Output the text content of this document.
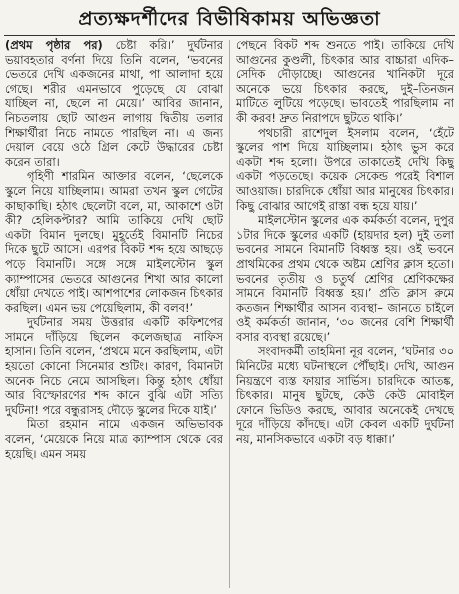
প্রত্যক্ষদর্শীদের বিভীষিকাময় অভিজ্ঞতা

(প্রথম পৃষ্ঠার পর) চেষ্টা করি।’ দুর্ঘটনার ভয়াবহতার বর্ণনা দিয়ে তিনি বলেন, ‘ভবনের ভেতরে দেখি একজনের মাথা, পা আলাদা হয়ে গেছে। শরীর এমনভাবে পুড়েছে যে বোঝা যাচ্ছিল না, ছেলে না মেয়ে।’ আবির জানান, নিচতলায় ছোট আগুন লাগায় দ্বিতীয় তলার শিক্ষার্থীরা নিচে নামতে পারছিল না। এ জন্য দেয়াল বেয়ে ওঠে গ্রিল কেটে উদ্ধারের চেষ্টা করেন তারা।

গৃহিণী শারমিন আক্তার বলেন, ‘ছেলেকে স্কুলে নিয়ে যাচ্ছিলাম। আমরা তখন স্কুল গেটের কাছাকাছি। হঠাৎ ছেলেটা বলে, মা, আকাশে ওটা কী? হেলিকপ্টার? আমি তাকিয়ে দেখি ছোট একটা বিমান দুলছে। মুহূর্তেই বিমানটি নিচের দিকে ছুটে আসে। এরপর বিকট শব্দ হয়ে আছড়ে পড়ে বিমানটি। সঙ্গে সঙ্গে মাইলস্টোন স্কুল ক্যাম্পাসের ভেতরে আগুনের শিখা আর কালো ধোঁয়া দেখতে পাই। আশপাশের লোকজন চিৎকার করছিল। এমন ভয় পেয়েছিলাম, কী বলব!’

দুর্ঘটনার সময় উত্তরার একটি কফিশপের সামনে দাঁড়িয়ে ছিলেন কলেজছাত্র নাফিস হাসান। তিনি বলেন, ‘প্রথমে মনে করছিলাম, এটা হয়তো কোনো সিনেমার শুটিং। কারণ, বিমানটা অনেক নিচে নেমে আসছিল। কিন্তু হঠাৎ ধোঁয়া আর বিস্ফোরণের শব্দ কানে বুঝি এটা সত্যি দুর্ঘটনা! পরে বন্ধুরাসহ দৌড়ে স্কুলের দিকে যাই।’

মিতা রহমান নামে একজন অভিভাবক বলেন, ‘মেয়েকে নিয়ে মাত্র ক্যাম্পাস থেকে বের হয়েছি। এমন সময়

পেছনে বিকট শব্দ শুনতে পাই। তাকিয়ে দেখি আগুনের কুণ্ডলী, চিৎকার আর বাচ্চারা এদিক–সেদিক দৌড়াচ্ছে। আগুনের খানিকটা দূরে অনেকে ভয়ে চিৎকার করছে, দুই–তিনজন মাটিতে লুটিয়ে পড়েছে। ভাবতেই পারছিলাম না কী করব! দ্রুত নিরাপদে ছুটতে থাকি।’

পথচারী রাশেদুল ইসলাম বলেন, ‘হেঁটে স্কুলের পাশ দিয়ে যাচ্ছিলাম। হঠাৎ ভুস করে একটা শব্দ হলো। উপরে তাকাতেই দেখি কিছু একটা পড়তেছে। কয়েক সেকেন্ড পরেই বিশাল আওয়াজ। চারদিকে ধোঁয়া আর মানুষের চিৎকার। কিছু বোঝার আগেই রাস্তা বন্ধ হয়ে যায়।’

মাইলস্টোন স্কুলের এক কর্মকর্তা বলেন, দুপুর ১টার দিকে স্কুলের একটি (হায়দার হল) দুই তলা ভবনের সামনে বিমানটি বিধ্বস্ত হয়। ওই ভবনে প্রাথমিকের প্রথম থেকে অষ্টম শ্রেণির ক্লাস হতো। ভবনের তৃতীয় ও চতুর্থ শ্রেণির শ্রেণিকক্ষের সামনে বিমানটি বিধ্বস্ত হয়।’ প্রতি ক্লাস রুমে কতজন শিক্ষার্থীর আসন ব্যবস্থা– জানতে চাইলে ওই কর্মকর্তা জানান, ‘৩০ জনের বেশি শিক্ষার্থী বসার ব্যবস্থা রয়েছে।’

সংবাদকর্মী তাহমিনা নূর বলেন, ‘ঘটনার ৩০ মিনিটের মধ্যে ঘটনাস্থলে পৌঁছাই। দেখি, আগুন নিয়ন্ত্রণে ব্যস্ত ফায়ার সার্ভিস। চারদিকে আতঙ্ক, চিৎকার। মানুষ ছুটছে, কেউ কেউ মোবাইল ফোনে ভিডিও করছে, আবার অনেকেই দেখছে দূরে দাঁড়িয়ে কাঁদছে। এটা কেবল একটি দুর্ঘটনা নয়, মানসিকভাবে একটা বড় ধাক্কা।’
